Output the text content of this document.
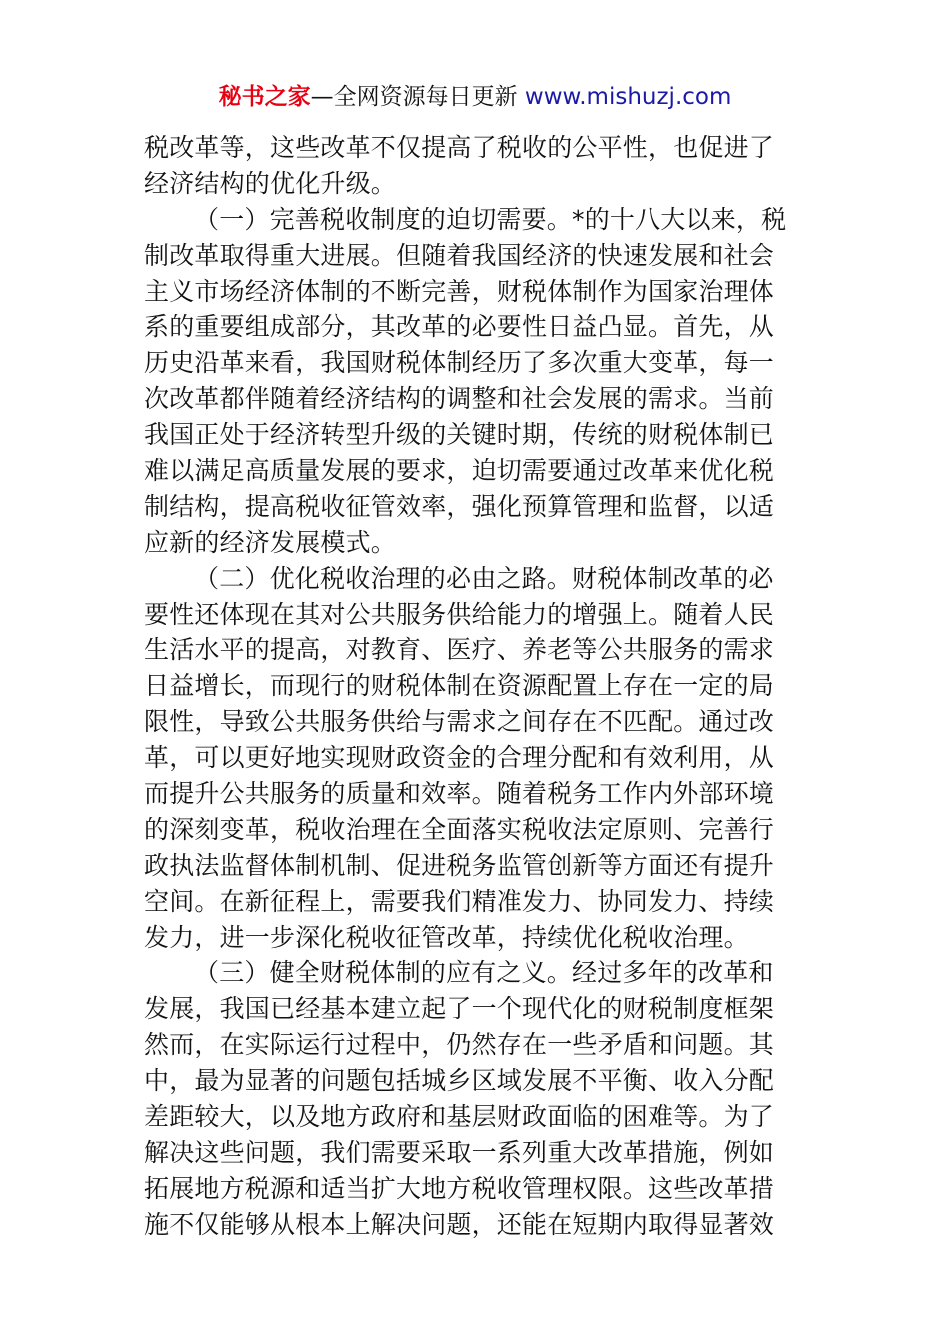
秘书之家—全网资源每日更新 www.mishuzj.com
税改革等，这些改革不仅提高了税收的公平性，也促进了
经济结构的优化升级。
（一）完善税收制度的迫切需要。*的十八大以来，税
制改革取得重大进展。但随着我国经济的快速发展和社会
主义市场经济体制的不断完善，财税体制作为国家治理体
系的重要组成部分，其改革的必要性日益凸显。首先，从
历史沿革来看，我国财税体制经历了多次重大变革，每一
次改革都伴随着经济结构的调整和社会发展的需求。当前
我国正处于经济转型升级的关键时期，传统的财税体制已
难以满足高质量发展的要求，迫切需要通过改革来优化税
制结构，提高税收征管效率，强化预算管理和监督，以适
应新的经济发展模式。
（二）优化税收治理的必由之路。财税体制改革的必
要性还体现在其对公共服务供给能力的增强上。随着人民
生活水平的提高，对教育、医疗、养老等公共服务的需求
日益增长，而现行的财税体制在资源配置上存在一定的局
限性，导致公共服务供给与需求之间存在不匹配。通过改
革，可以更好地实现财政资金的合理分配和有效利用，从
而提升公共服务的质量和效率。随着税务工作内外部环境
的深刻变革，税收治理在全面落实税收法定原则、完善行
政执法监督体制机制、促进税务监管创新等方面还有提升
空间。在新征程上，需要我们精准发力、协同发力、持续
发力，进一步深化税收征管改革，持续优化税收治理。
（三）健全财税体制的应有之义。经过多年的改革和
发展，我国已经基本建立起了一个现代化的财税制度框架
然而，在实际运行过程中，仍然存在一些矛盾和问题。其
中，最为显著的问题包括城乡区域发展不平衡、收入分配
差距较大，以及地方政府和基层财政面临的困难等。为了
解决这些问题，我们需要采取一系列重大改革措施，例如
拓展地方税源和适当扩大地方税收管理权限。这些改革措
施不仅能够从根本上解决问题，还能在短期内取得显著效
